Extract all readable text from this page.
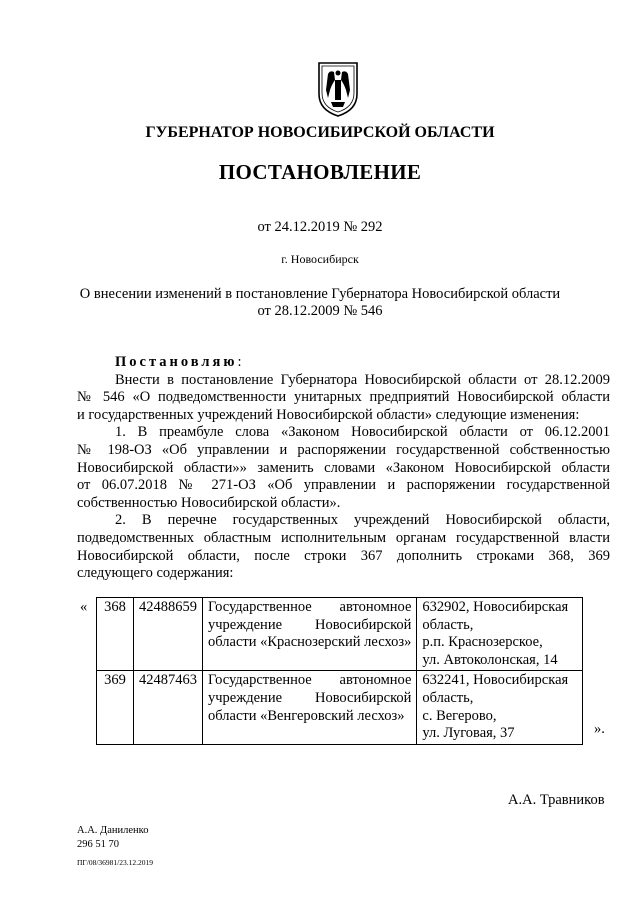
ГУБЕРНАТОР НОВОСИБИРСКОЙ ОБЛАСТИ
ПОСТАНОВЛЕНИЕ
от 24.12.2019 № 292
г. Новосибирск
О внесении изменений в постановление Губернатора Новосибирской области
от 28.12.2009 № 546
Постановляю:
Внести в постановление Губернатора Новосибирской области от 28.12.2009
№ 546 «О подведомственности унитарных предприятий Новосибирской области
и государственных учреждений Новосибирской области» следующие изменения:
1. В преамбуле слова «Законом Новосибирской области от 06.12.2001
№ 198-ОЗ «Об управлении и распоряжении государственной собственностью
Новосибирской области»» заменить словами «Законом Новосибирской области
от 06.07.2018 № 271-ОЗ «Об управлении и распоряжении государственной
собственностью Новосибирской области».
2. В перечне государственных учреждений Новосибирской области,
подведомственных областным исполнительным органам государственной власти
Новосибирской области, после строки 367 дополнить строками 368, 369
следующего содержания:
« 368	42488659	Государственное автономное
учреждение Новосибирской
области «Краснозерский лесхоз»	632902, Новосибирская
область,
р.п. Краснозерское,
ул. Автоколонская, 14

369	42487463	Государственное автономное
учреждение Новосибирской
области «Венгеровский лесхоз»	632241, Новосибирская
область,
с. Вегерово,
ул. Луговая, 37	».
А.А. Травников
А.А. Даниленко
296 51 70
ПГ/08/36981/23.12.2019
